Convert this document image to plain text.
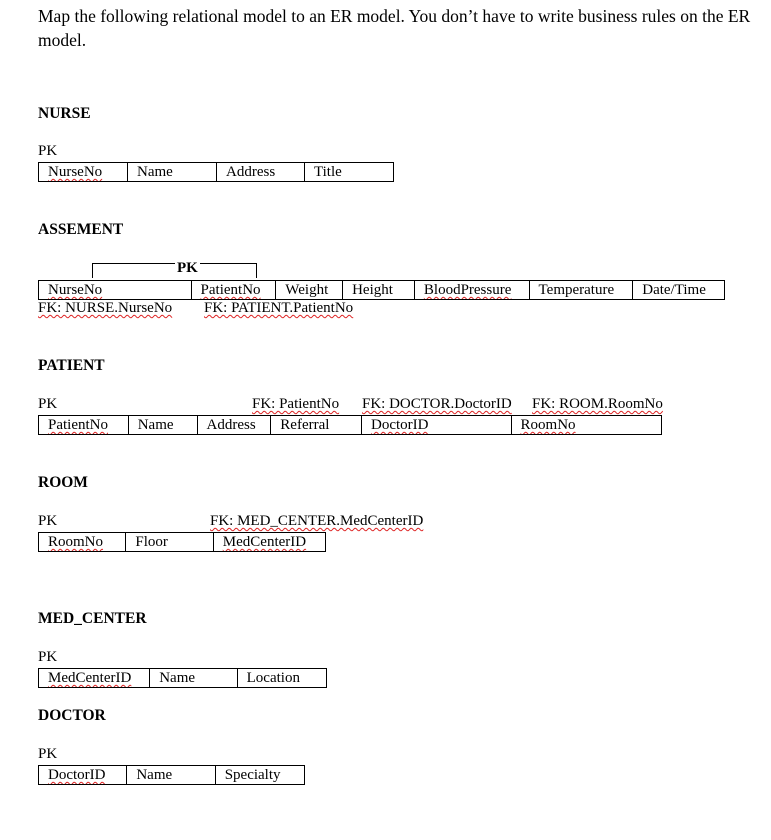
Map the following relational model to an ER model. You don’t have to write business rules on the ER model.
NURSE
PK
NurseNo	Name	Address	Title
ASSEMENT
PK
NurseNo	PatientNo	Weight	Height	BloodPressure	Temperature	Date/Time
FK: NURSE.NurseNo FK: PATIENT.PatientNo
PATIENT
PK	FK: PatientNo FK: DOCTOR.DoctorID FK: ROOM.RoomNo
PatientNo	Name	Address	Referral	DoctorID	RoomNo
ROOM
PK	FK: MED_CENTER.MedCenterID
RoomNo	Floor	MedCenterID
MED_CENTER
PK
MedCenterID	Name	Location
DOCTOR
PK
DoctorID	Name	Specialty
